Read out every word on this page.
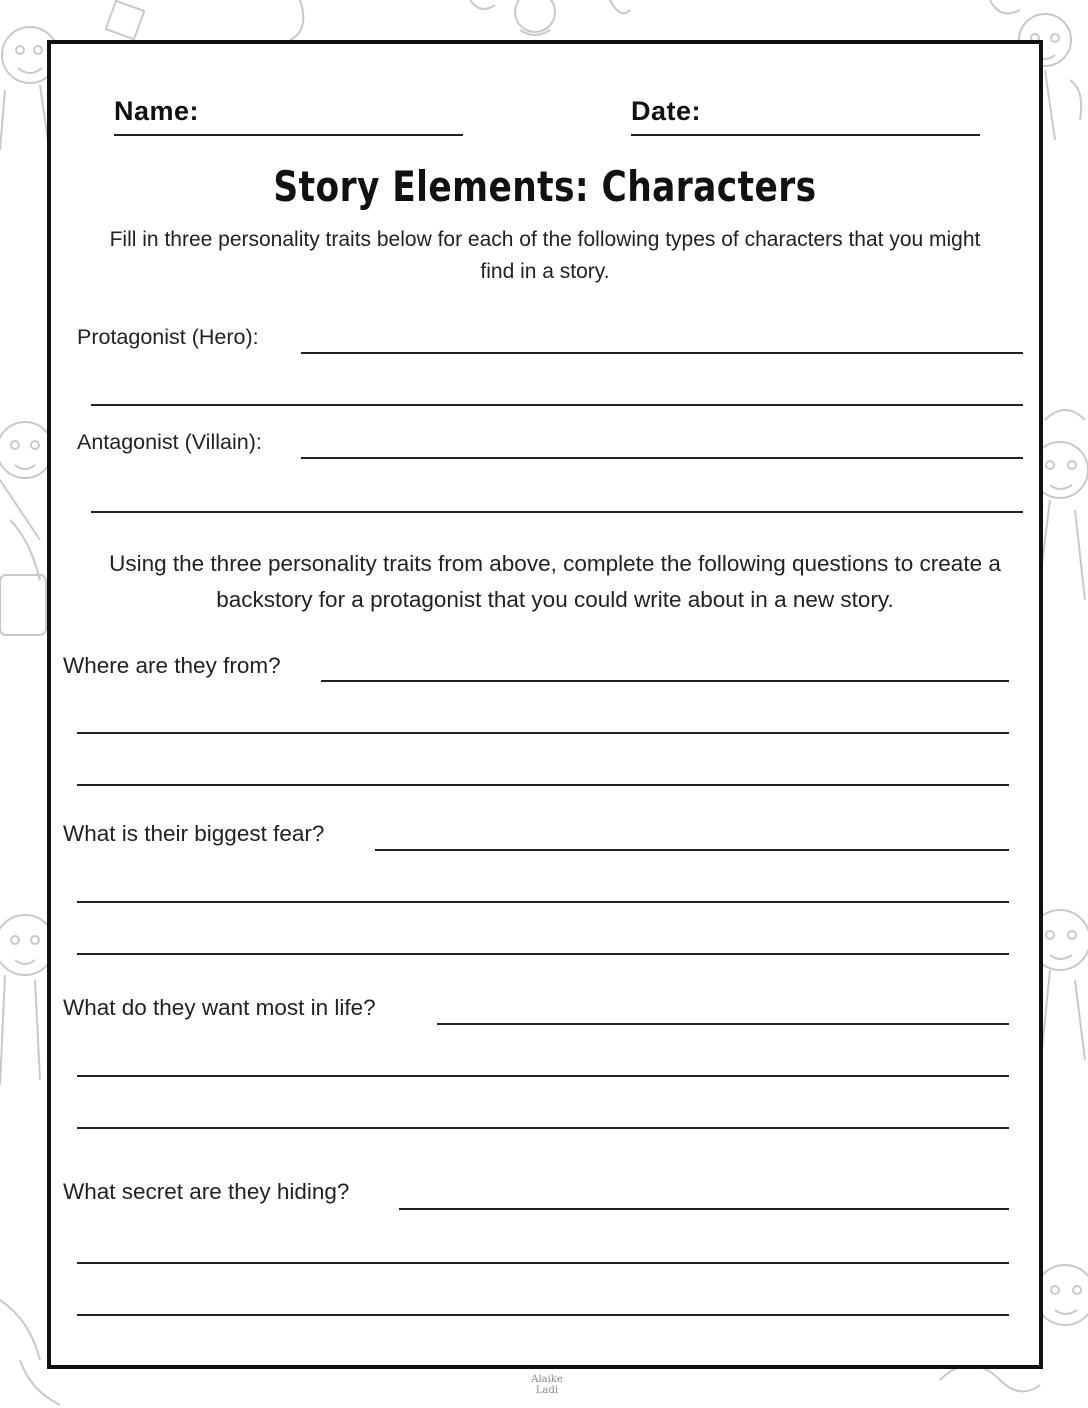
Name:	Date:
Story Elements: Characters
Fill in three personality traits below for each of the following types of characters that you might find in a story.
Protagonist (Hero):
Antagonist (Villain):
Using the three personality traits from above, complete the following questions to create a backstory for a protagonist that you could write about in a new story.
Where are they from?
What is their biggest fear?
What do they want most in life?
What secret are they hiding?
Alaike Ladi
